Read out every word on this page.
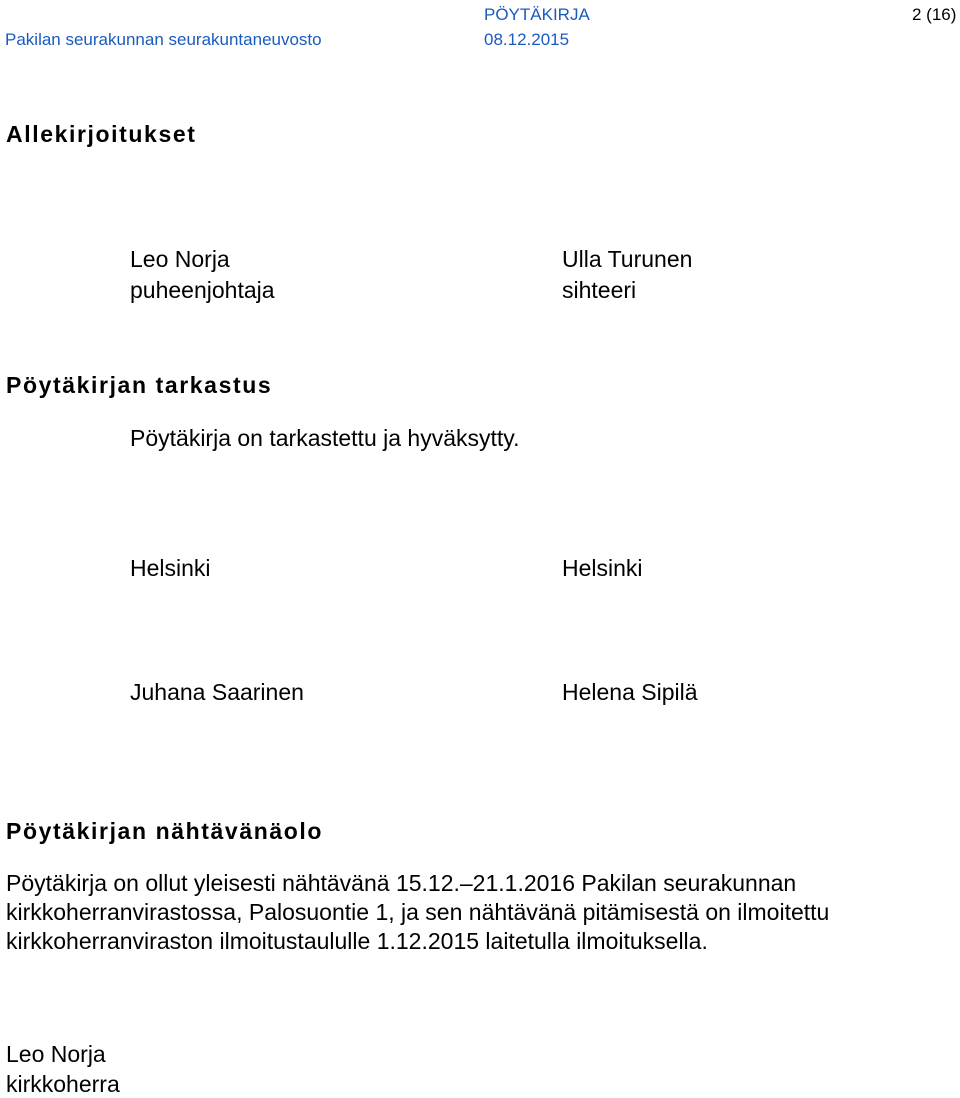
PÖYTÄKIRJA	2 (16)
Pakilan seurakunnan seurakuntaneuvosto	08.12.2015
Allekirjoitukset
Leo Norja
puheenjohtaja
Ulla Turunen
sihteeri
Pöytäkirjan tarkastus
Pöytäkirja on tarkastettu ja hyväksytty.
Helsinki	Helsinki
Juhana Saarinen	Helena Sipilä
Pöytäkirjan nähtävänäolo
Pöytäkirja on ollut yleisesti nähtävänä 15.12.–21.1.2016 Pakilan seurakunnan
kirkkoherranvirastossa, Palosuontie 1, ja sen nähtävänä pitämisestä on ilmoitettu
kirkkoherranviraston ilmoitustaululle 1.12.2015 laitetulla ilmoituksella.
Leo Norja
kirkkoherra
